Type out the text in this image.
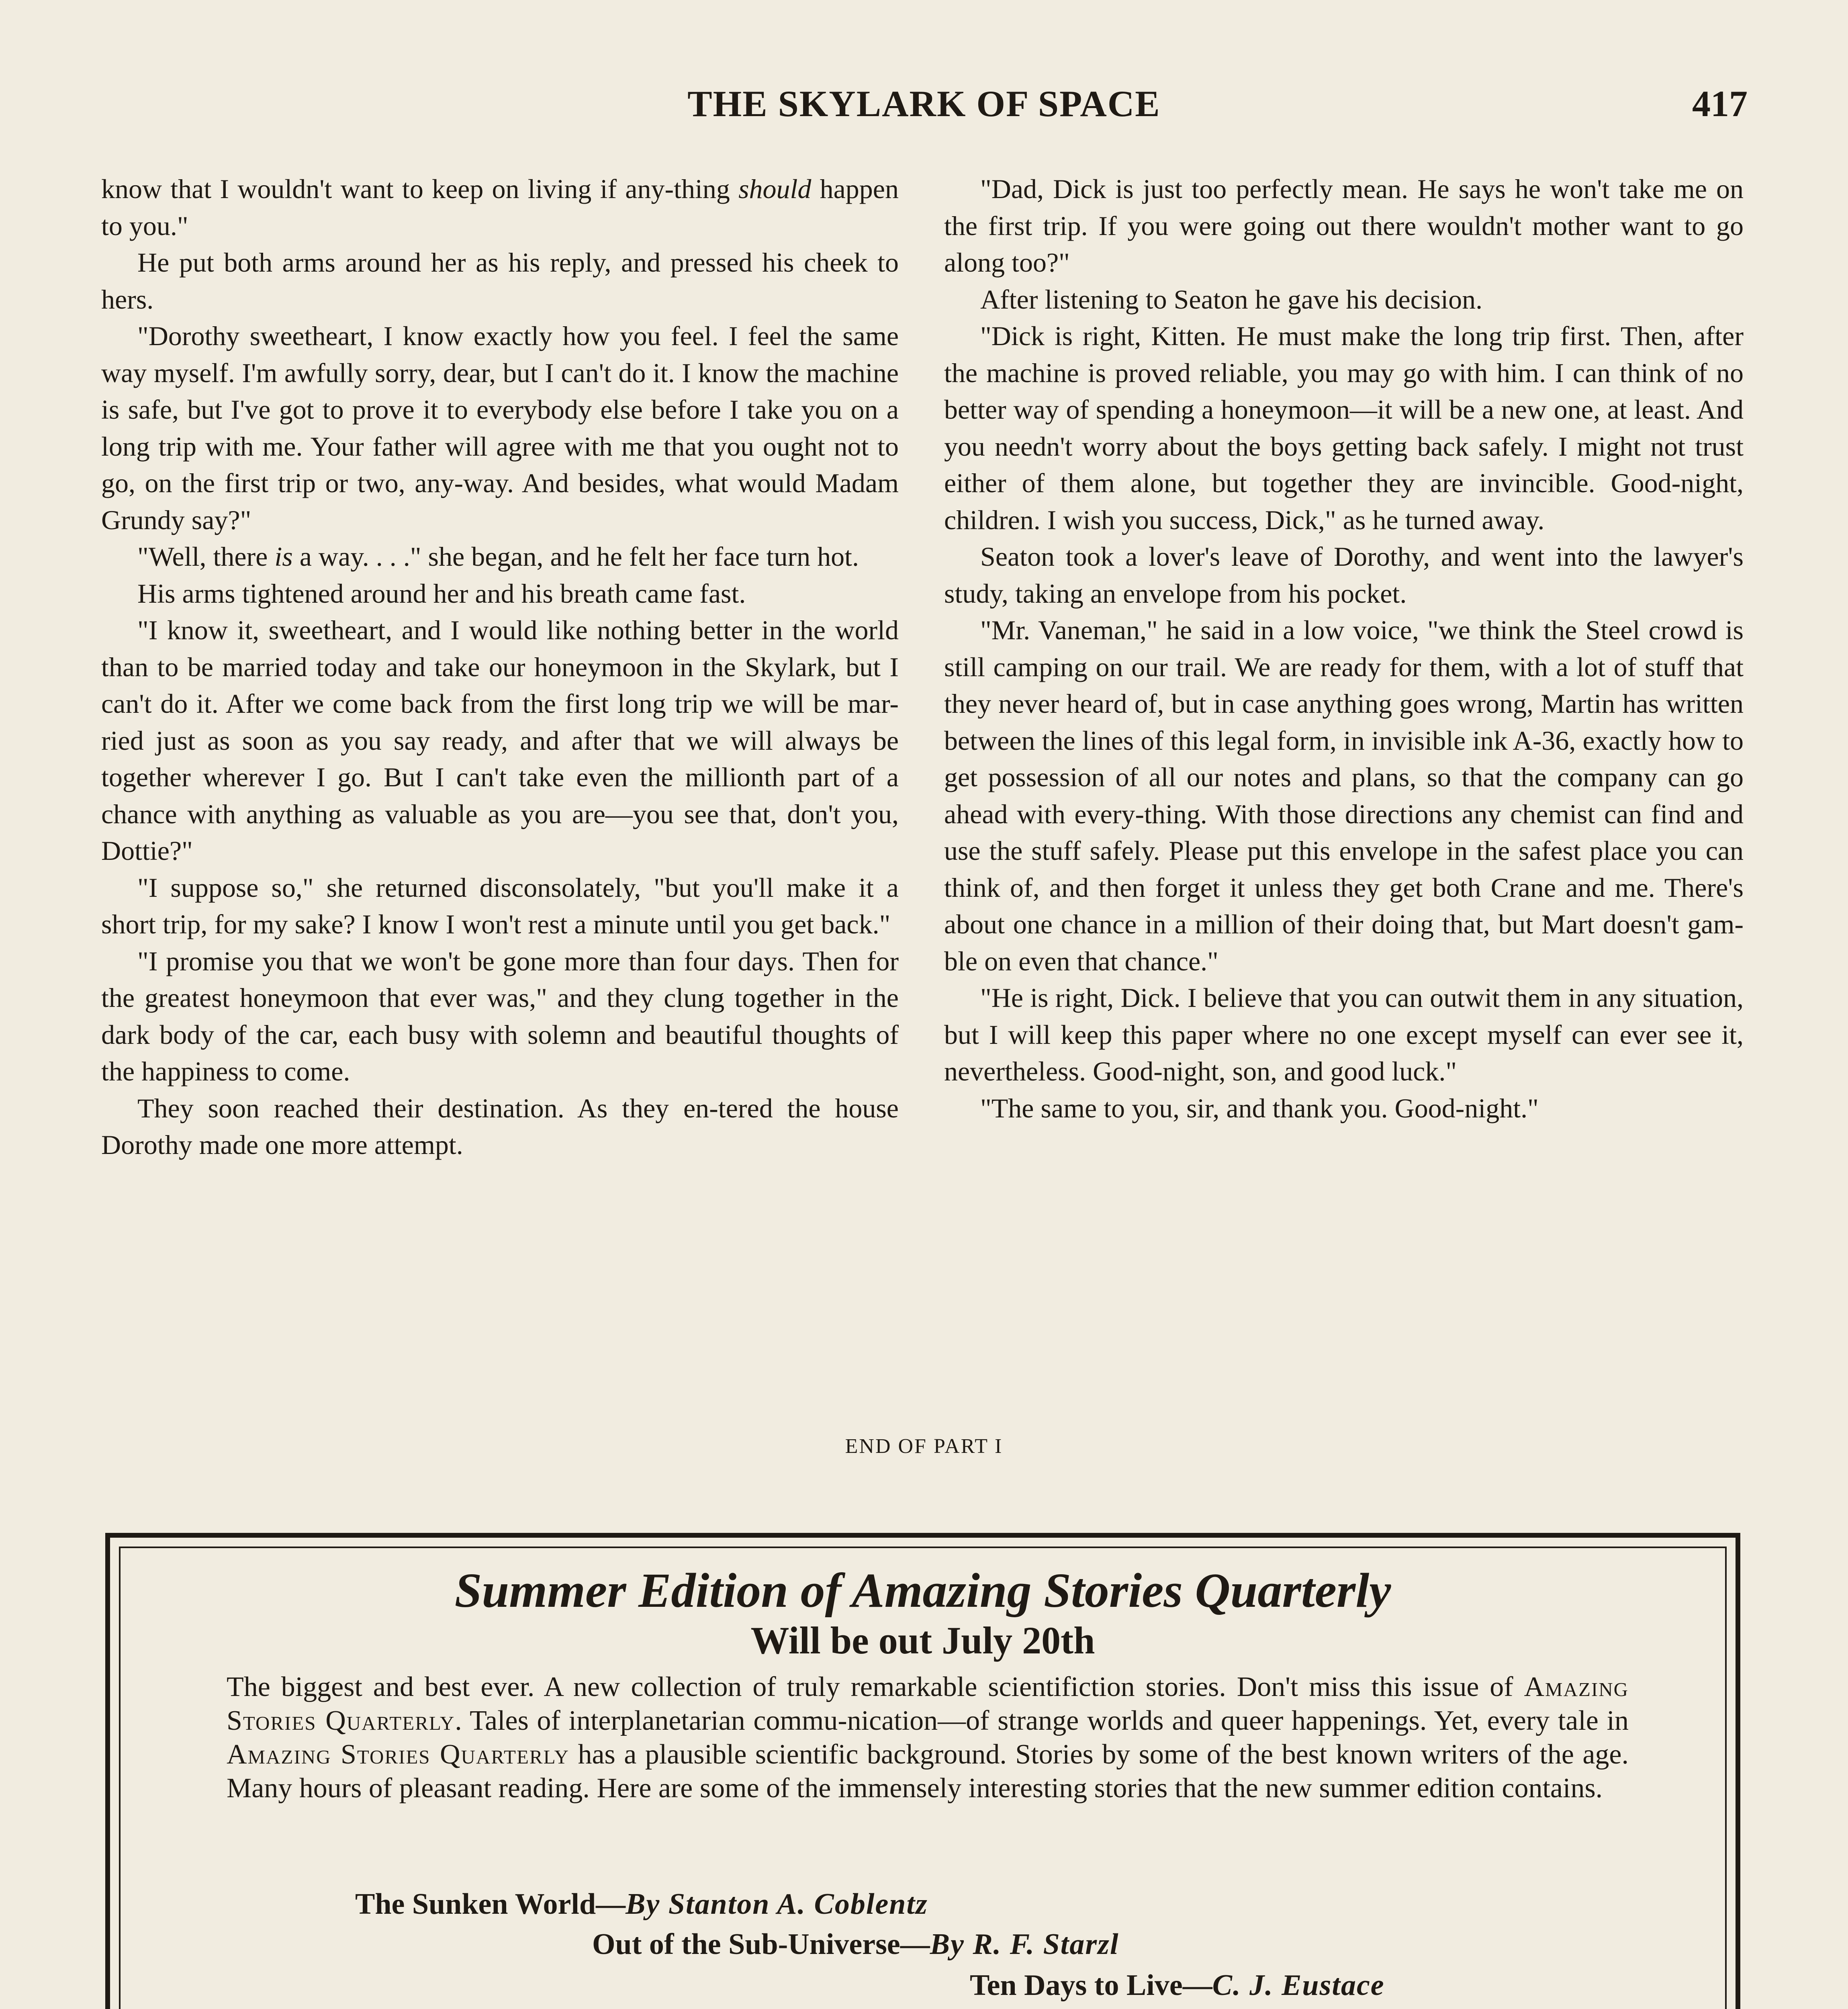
THE SKYLARK OF SPACE	417

know that I wouldn't want to keep on living if any-thing should happen to you."

He put both arms around her as his reply, and pressed his cheek to hers.

"Dorothy sweetheart, I know exactly how you feel. I feel the same way myself. I'm awfully sorry, dear, but I can't do it. I know the machine is safe, but I've got to prove it to everybody else before I take you on a long trip with me. Your father will agree with me that you ought not to go, on the first trip or two, any-way. And besides, what would Madam Grundy say?"

"Well, there is a way. . . ." she began, and he felt her face turn hot.

His arms tightened around her and his breath came fast.

"I know it, sweetheart, and I would like nothing better in the world than to be married today and take our honeymoon in the Skylark, but I can't do it. After we come back from the first long trip we will be mar-ried just as soon as you say ready, and after that we will always be together wherever I go. But I can't take even the millionth part of a chance with anything as valuable as you are—you see that, don't you, Dottie?"

"I suppose so," she returned disconsolately, "but you'll make it a short trip, for my sake? I know I won't rest a minute until you get back."

"I promise you that we won't be gone more than four days. Then for the greatest honeymoon that ever was," and they clung together in the dark body of the car, each busy with solemn and beautiful thoughts of the happiness to come.

They soon reached their destination. As they en-tered the house Dorothy made one more attempt.

"Dad, Dick is just too perfectly mean. He says he won't take me on the first trip. If you were going out there wouldn't mother want to go along too?"

After listening to Seaton he gave his decision.

"Dick is right, Kitten. He must make the long trip first. Then, after the machine is proved reliable, you may go with him. I can think of no better way of spending a honeymoon—it will be a new one, at least. And you needn't worry about the boys getting back safely. I might not trust either of them alone, but together they are invincible. Good-night, children. I wish you success, Dick," as he turned away.

Seaton took a lover's leave of Dorothy, and went into the lawyer's study, taking an envelope from his pocket.

"Mr. Vaneman," he said in a low voice, "we think the Steel crowd is still camping on our trail. We are ready for them, with a lot of stuff that they never heard of, but in case anything goes wrong, Martin has written between the lines of this legal form, in invisible ink A-36, exactly how to get possession of all our notes and plans, so that the company can go ahead with every-thing. With those directions any chemist can find and use the stuff safely. Please put this envelope in the safest place you can think of, and then forget it unless they get both Crane and me. There's about one chance in a million of their doing that, but Mart doesn't gam-ble on even that chance."

"He is right, Dick. I believe that you can outwit them in any situation, but I will keep this paper where no one except myself can ever see it, nevertheless. Good-night, son, and good luck."

"The same to you, sir, and thank you. Good-night."

END OF PART I
Summer Edition of Amazing Stories Quarterly
Will be out July 20th
The biggest and best ever. A new collection of truly remarkable scientifiction stories. Don't miss this issue of Amazing Stories Quarterly. Tales of interplanetarian commu-nication—of strange worlds and queer happenings. Yet, every tale in Amazing Stories Quarterly has a plausible scientific background. Stories by some of the best known writers of the age. Many hours of pleasant reading. Here are some of the immensely interesting stories that the new summer edition contains.
The Sunken World—By Stanton A. Coblentz
Out of the Sub-Universe—By R. F. Starzl
Ten Days to Live—C. J. Eustace
